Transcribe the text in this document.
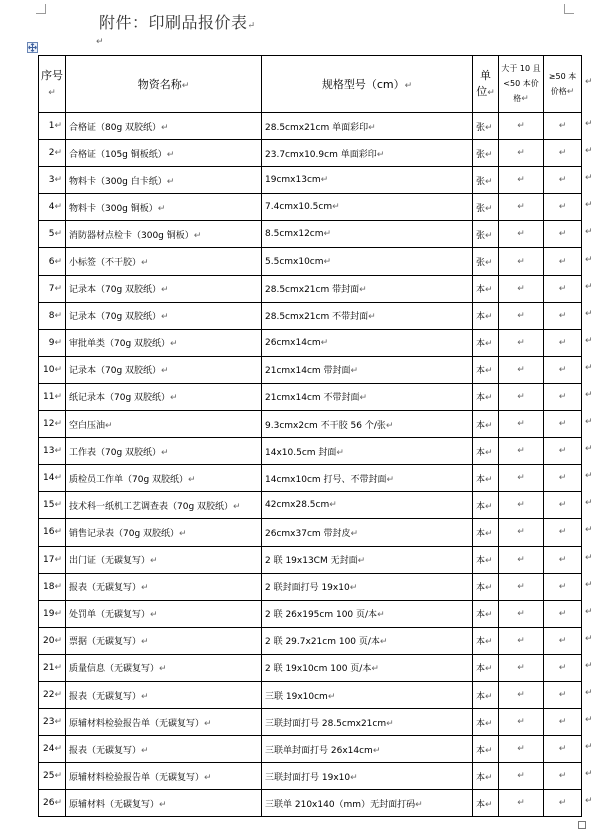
附件：印刷品报价表↵
↵
序号↵	物资名称↵	规格型号（cm）↵	单位↵	大于 10 且<50 本价格↵	≥50 本价格↵
1↵	合格证（80g 双胶纸）↵	28.5cmx21cm 单面彩印↵	张↵	↵	↵
2↵	合格证（105g 铜板纸）↵	23.7cmx10.9cm 单面彩印↵	张↵	↵	↵
3↵	物料卡（300g 白卡纸）↵	19cmx13cm↵	张↵	↵	↵
4↵	物料卡（300g 铜板）↵	7.4cmx10.5cm↵	张↵	↵	↵
5↵	消防器材点检卡（300g 铜板）↵	8.5cmx12cm↵	张↵	↵	↵
6↵	小标签（不干胶）↵	5.5cmx10cm↵	张↵	↵	↵
7↵	记录本（70g 双胶纸）↵	28.5cmx21cm 带封面↵	本↵	↵	↵
8↵	记录本（70g 双胶纸）↵	28.5cmx21cm 不带封面↵	本↵	↵	↵
9↵	审批单类（70g 双胶纸）↵	26cmx14cm↵	本↵	↵	↵
10↵	记录本（70g 双胶纸）↵	21cmx14cm 带封面↵	本↵	↵	↵
11↵	纸记录本（70g 双胶纸）↵	21cmx14cm 不带封面↵	本↵	↵	↵
12↵	空白压油↵	9.3cmx2cm 不干胶 56 个/张↵	本↵	↵	↵
13↵	工作表（70g 双胶纸）↵	14x10.5cm 封面↵	本↵	↵	↵
14↵	质检员工作单（70g 双胶纸）↵	14cmx10cm 打号、不带封面↵	本↵	↵	↵
15↵	技术科一纸机工艺调查表（70g 双胶纸）↵	42cmx28.5cm↵	本↵	↵	↵
16↵	销售记录表（70g 双胶纸）↵	26cmx37cm 带封皮↵	本↵	↵	↵
17↵	出门证（无碳复写）↵	2 联 19x13CM 无封面↵	本↵	↵	↵
18↵	报表（无碳复写）↵	2 联封面打号 19x10↵	本↵	↵	↵
19↵	处罚单（无碳复写）↵	2 联 26x195cm 100 页/本↵	本↵	↵	↵
20↵	票据（无碳复写）↵	2 联 29.7x21cm 100 页/本↵	本↵	↵	↵
21↵	质量信息（无碳复写）↵	2 联 19x10cm 100 页/本↵	本↵	↵	↵
22↵	报表（无碳复写）↵	三联 19x10cm↵	本↵	↵	↵
23↵	原辅材料检验报告单（无碳复写）↵	三联封面打号 28.5cmx21cm↵	本↵	↵	↵
24↵	报表（无碳复写）↵	三联单封面打号 26x14cm↵	本↵	↵	↵
25↵	原辅材料检验报告单（无碳复写）↵	三联封面打号 19x10↵	本↵	↵	↵
26↵	原辅材料（无碳复写）↵	三联单 210x140（mm）无封面打码↵	本↵	↵	↵
↵
↵
↵
↵
↵
↵
↵
↵
↵
↵
↵
↵
↵
↵
↵
↵
↵
↵
↵
↵
↵
↵
↵
↵
↵
↵
↵
